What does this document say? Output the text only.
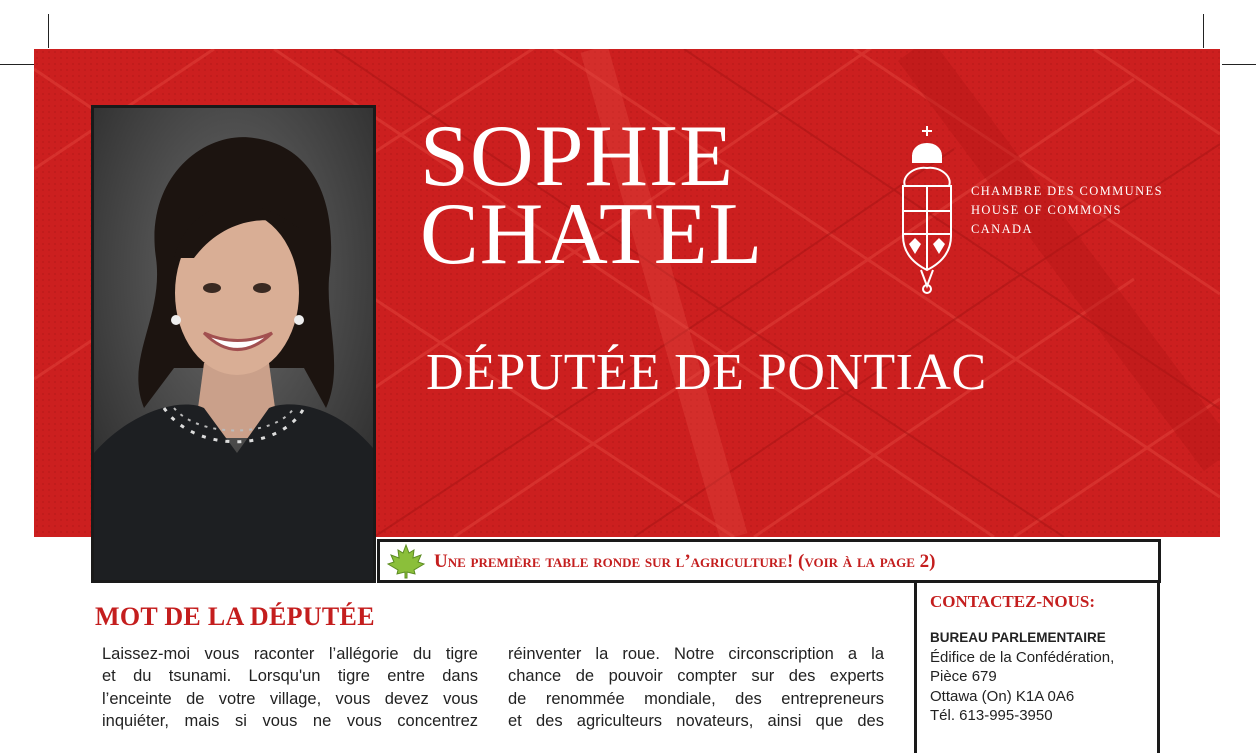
SOPHIE
CHATEL	CHAMBRE DES COMMUNES
HOUSE OF COMMONS
CANADA
DÉPUTÉE DE PONTIAC
Une première table ronde sur l’agriculture! (voir à la page 2)
MOT DE LA DÉPUTÉE

Laissez-moi vous raconter l’allégorie du tigre
et du tsunami. Lorsqu'un tigre entre dans
l’enceinte de votre village, vous devez vous
inquiéter, mais si vous ne vous concentrez

réinventer la roue. Notre circonscription a la
chance de pouvoir compter sur des experts
de renommée mondiale, des entrepreneurs
et des agriculteurs novateurs, ainsi que des

CONTACTEZ-NOUS:
BUREAU PARLEMENTAIRE
Édifice de la Confédération,
Pièce 679
Ottawa (On) K1A 0A6
Tél. 613-995-3950
